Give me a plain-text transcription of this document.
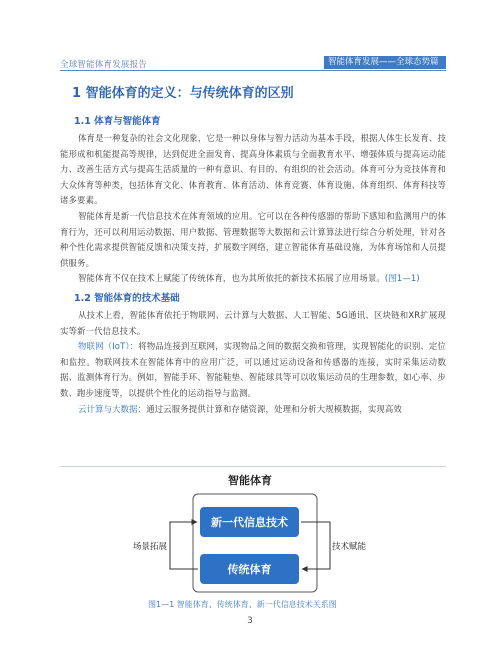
全球智能体育发展报告	智能体育发展——全球态势篇
1 智能体育的定义：与传统体育的区别
1.1 体育与智能体育

体育是一种复杂的社会文化现象，它是一种以身体与智力活动为基本手段，根据人体生长发育、技能形成和机能提高等规律，达到促进全面发育、提高身体素质与全面教育水平、增强体质与提高运动能力、改善生活方式与提高生活质量的一种有意识、有目的、有组织的社会活动。体育可分为竞技体育和大众体育等种类，包括体育文化、体育教育、体育活动、体育竞赛、体育设施、体育组织、体育科技等诸多要素。

智能体育是新一代信息技术在体育领域的应用。它可以在各种传感器的帮助下感知和监测用户的体育行为，还可以利用运动数据、用户数据、管理数据等大数据和云计算算法进行综合分析处理，针对各种个性化需求提供智能反馈和决策支持，扩展数字网络，建立智能体育基础设施，为体育场馆和人员提供服务。

智能体育不仅在技术上赋能了传统体育，也为其所依托的新技术拓展了应用场景。(图1—1)

1.2 智能体育的技术基础

从技术上看，智能体育依托于物联网、云计算与大数据、人工智能、5G通讯、区块链和XR扩展现实等新一代信息技术。

物联网（IoT）：将物品连接到互联网，实现物品之间的数据交换和管理，实现智能化的识别、定位和监控。物联网技术在智能体育中的应用广泛，可以通过运动设备和传感器的连接，实时采集运动数据、监测体育行为。例如，智能手环、智能鞋垫、智能球具等可以收集运动员的生理参数，如心率、步数、跑步速度等，以提供个性化的运动指导与监测。

云计算与大数据：通过云服务提供计算和存储资源，处理和分析大规模数据，实现高效

智能体育
新一代信息技术
传统体育
场景拓展	技术赋能
图1—1 智能体育、传统体育、新一代信息技术关系图
3
